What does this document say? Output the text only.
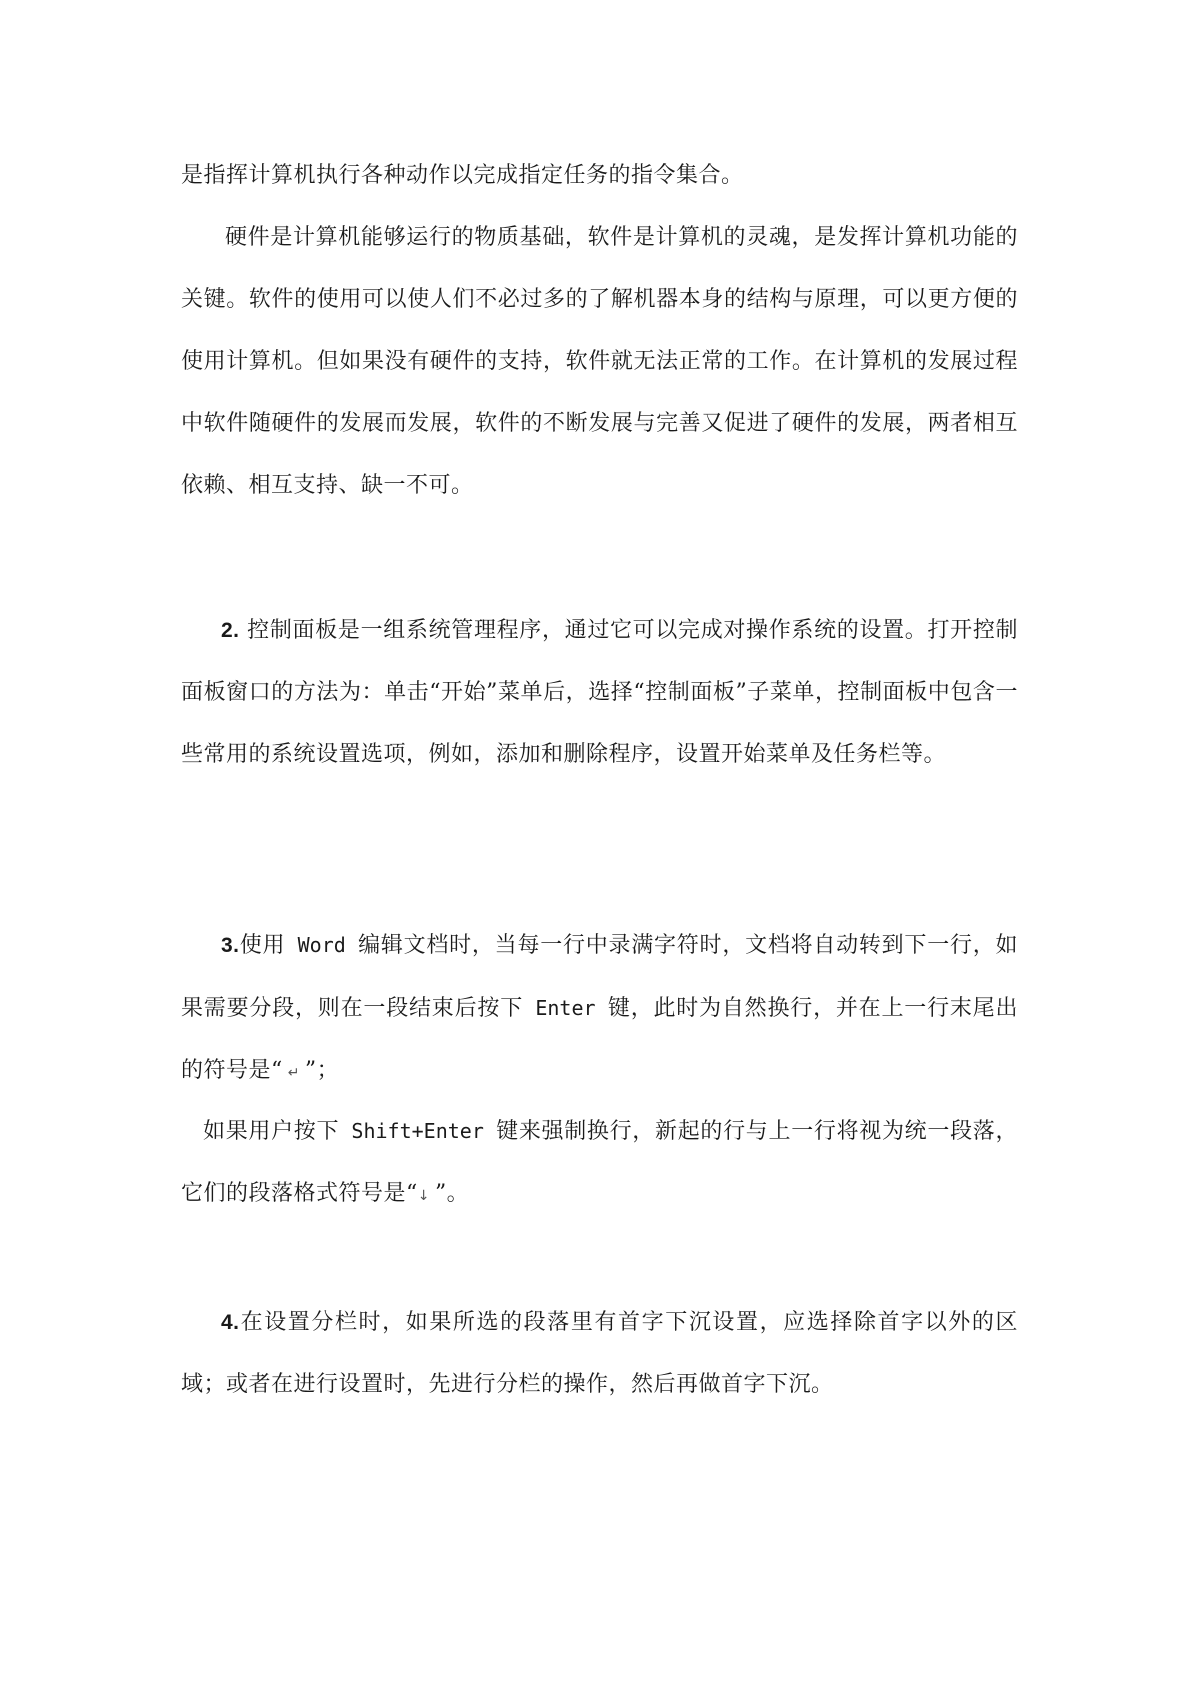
是指挥计算机执行各种动作以完成指定任务的指令集合。

硬件是计算机能够运行的物质基础，软件是计算机的灵魂，是发挥计算机功能的关键。软件的使用可以使人们不必过多的了解机器本身的结构与原理，可以更方便的使用计算机。但如果没有硬件的支持，软件就无法正常的工作。在计算机的发展过程中软件随硬件的发展而发展，软件的不断发展与完善又促进了硬件的发展，两者相互依赖、相互支持、缺一不可。

2. 控制面板是一组系统管理程序，通过它可以完成对操作系统的设置。打开控制面板窗口的方法为：单击“开始”菜单后，选择“控制面板”子菜单，控制面板中包含一些常用的系统设置选项，例如，添加和删除程序，设置开始菜单及任务栏等。

3.使用 Word 编辑文档时，当每一行中录满字符时，文档将自动转到下一行，如果需要分段，则在一段结束后按下 Enter 键，此时为自然换行，并在上一行末尾出的符号是“ ↵ ”；

如果用户按下 Shift+Enter 键来强制换行，新起的行与上一行将视为统一段落，它们的段落格式符号是“↓ ”。

4.在设置分栏时，如果所选的段落里有首字下沉设置，应选择除首字以外的区域；或者在进行设置时，先进行分栏的操作，然后再做首字下沉。
